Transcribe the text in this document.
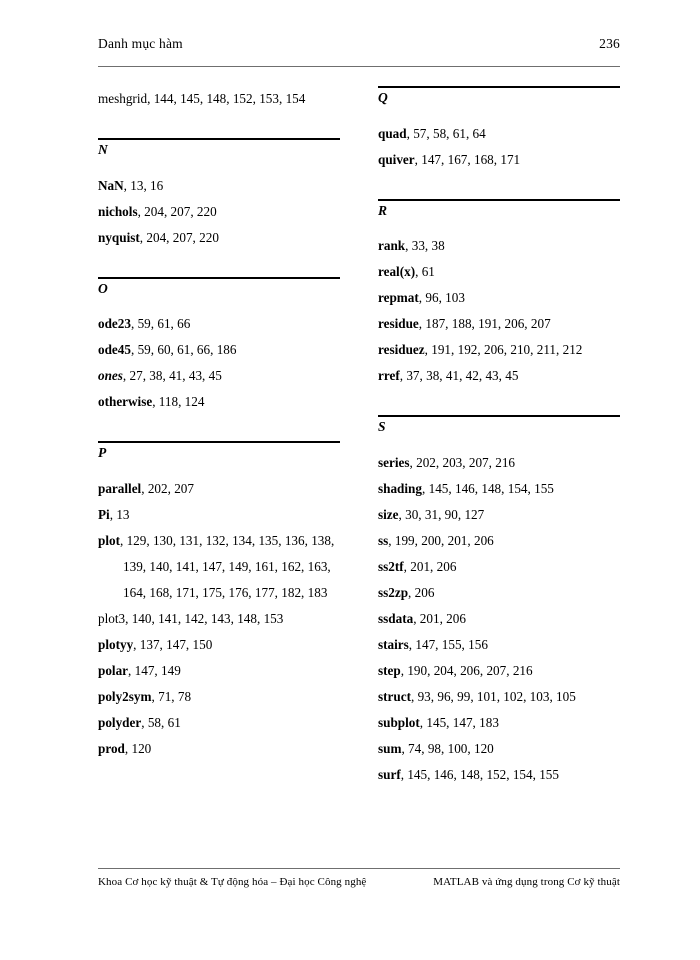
Danh mục hàm	236
meshgrid, 144, 145, 148, 152, 153, 154
N
NaN, 13, 16
nichols, 204, 207, 220
nyquist, 204, 207, 220
O
ode23, 59, 61, 66
ode45, 59, 60, 61, 66, 186
ones, 27, 38, 41, 43, 45
otherwise, 118, 124
P
parallel, 202, 207
Pi, 13
plot, 129, 130, 131, 132, 134, 135, 136, 138, 139, 140, 141, 147, 149, 161, 162, 163, 164, 168, 171, 175, 176, 177, 182, 183
plot3, 140, 141, 142, 143, 148, 153
plotyy, 137, 147, 150
polar, 147, 149
poly2sym, 71, 78
polyder, 58, 61
prod, 120
Q
quad, 57, 58, 61, 64
quiver, 147, 167, 168, 171
R
rank, 33, 38
real(x), 61
repmat, 96, 103
residue, 187, 188, 191, 206, 207
residuez, 191, 192, 206, 210, 211, 212
rref, 37, 38, 41, 42, 43, 45
S
series, 202, 203, 207, 216
shading, 145, 146, 148, 154, 155
size, 30, 31, 90, 127
ss, 199, 200, 201, 206
ss2tf, 201, 206
ss2zp, 206
ssdata, 201, 206
stairs, 147, 155, 156
step, 190, 204, 206, 207, 216
struct, 93, 96, 99, 101, 102, 103, 105
subplot, 145, 147, 183
sum, 74, 98, 100, 120
surf, 145, 146, 148, 152, 154, 155
Khoa Cơ học kỹ thuật & Tự động hóa – Đại học Công nghệ	MATLAB và ứng dụng trong Cơ kỹ thuật
